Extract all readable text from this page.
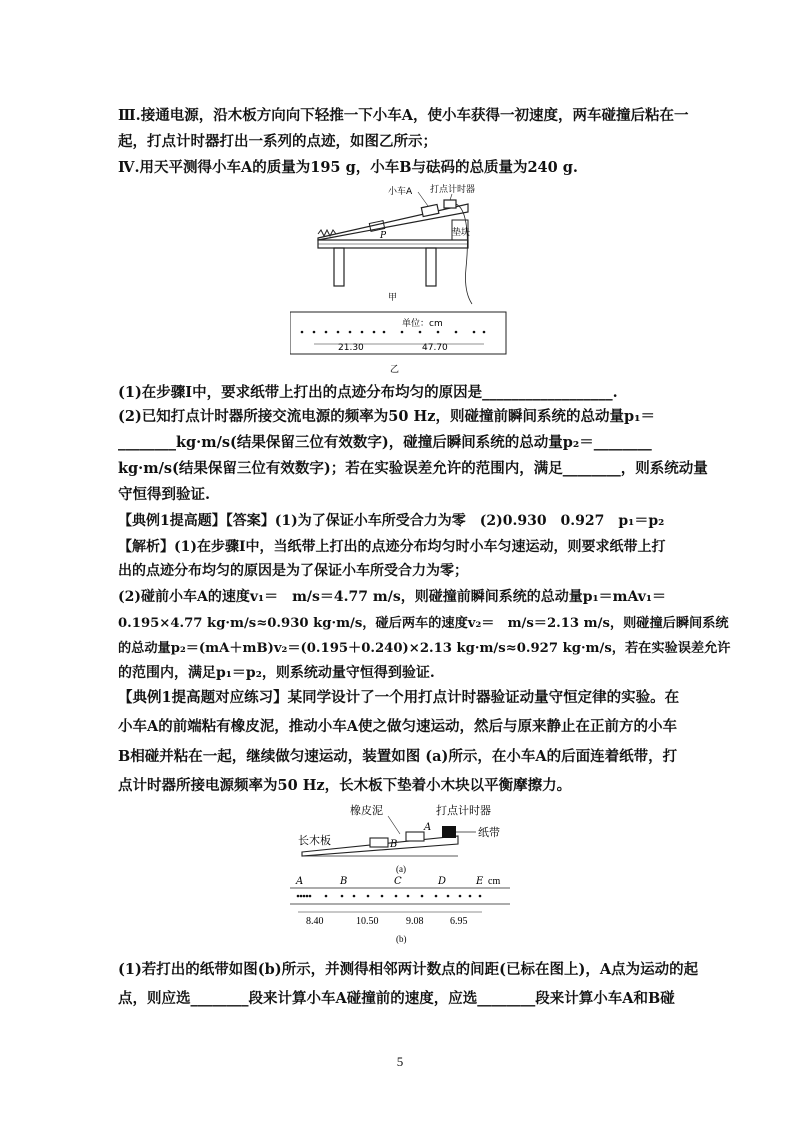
Ⅲ.接通电源，沿木板方向向下轻推一下小车A，使小车获得一初速度，两车碰撞后粘在一
起，打点计时器打出一系列的点迹，如图乙所示；
Ⅳ.用天平测得小车A的质量为195 g，小车B与砝码的总质量为240 g.
垫块
小车A 打点计时器
P
甲
单位：cm
21.30	47.70
乙
(1)在步骤Ⅰ中，要求纸带上打出的点迹分布均匀的原因是__________________.
(2)已知打点计时器所接交流电源的频率为50 Hz，则碰撞前瞬间系统的总动量p₁＝
________kg·m/s(结果保留三位有效数字)，碰撞后瞬间系统的总动量p₂＝________
kg·m/s(结果保留三位有效数字)；若在实验误差允许的范围内，满足________，则系统动量
守恒得到验证.
【典例1提高题】【答案】(1)为了保证小车所受合力为零　(2)0.930　0.927　p₁＝p₂
【解析】(1)在步骤Ⅰ中，当纸带上打出的点迹分布均匀时小车匀速运动，则要求纸带上打
出的点迹分布均匀的原因是为了保证小车所受合力为零；
(2)碰前小车A的速度v₁＝　m/s＝4.77 m/s，则碰撞前瞬间系统的总动量p₁＝mAv₁＝
0.195×4.77 kg·m/s≈0.930 kg·m/s，碰后两车的速度v₂＝　m/s＝2.13 m/s，则碰撞后瞬间系统
的总动量p₂＝(mA＋mB)v₂＝(0.195＋0.240)×2.13 kg·m/s≈0.927 kg·m/s，若在实验误差允许
的范围内，满足p₁＝p₂，则系统动量守恒得到验证.
【典例1提高题对应练习】某同学设计了一个用打点计时器验证动量守恒定律的实验。在
小车A的前端粘有橡皮泥，推动小车A使之做匀速运动，然后与原来静止在正前方的小车
B相碰并粘在一起，继续做匀速运动，装置如图 (a)所示，在小车A的后面连着纸带，打
点计时器所接电源频率为50 Hz，长木板下垫着小木块以平衡摩擦力。
橡皮泥	打点计时器
长木板
纸带
B
A
(a)
A	B	C	D	E cm
8.40	10.50	9.08	6.95
(b)
(1)若打出的纸带如图(b)所示，并测得相邻两计数点的间距(已标在图上)，A点为运动的起
点，则应选________段来计算小车A碰撞前的速度，应选________段来计算小车A和B碰
5
